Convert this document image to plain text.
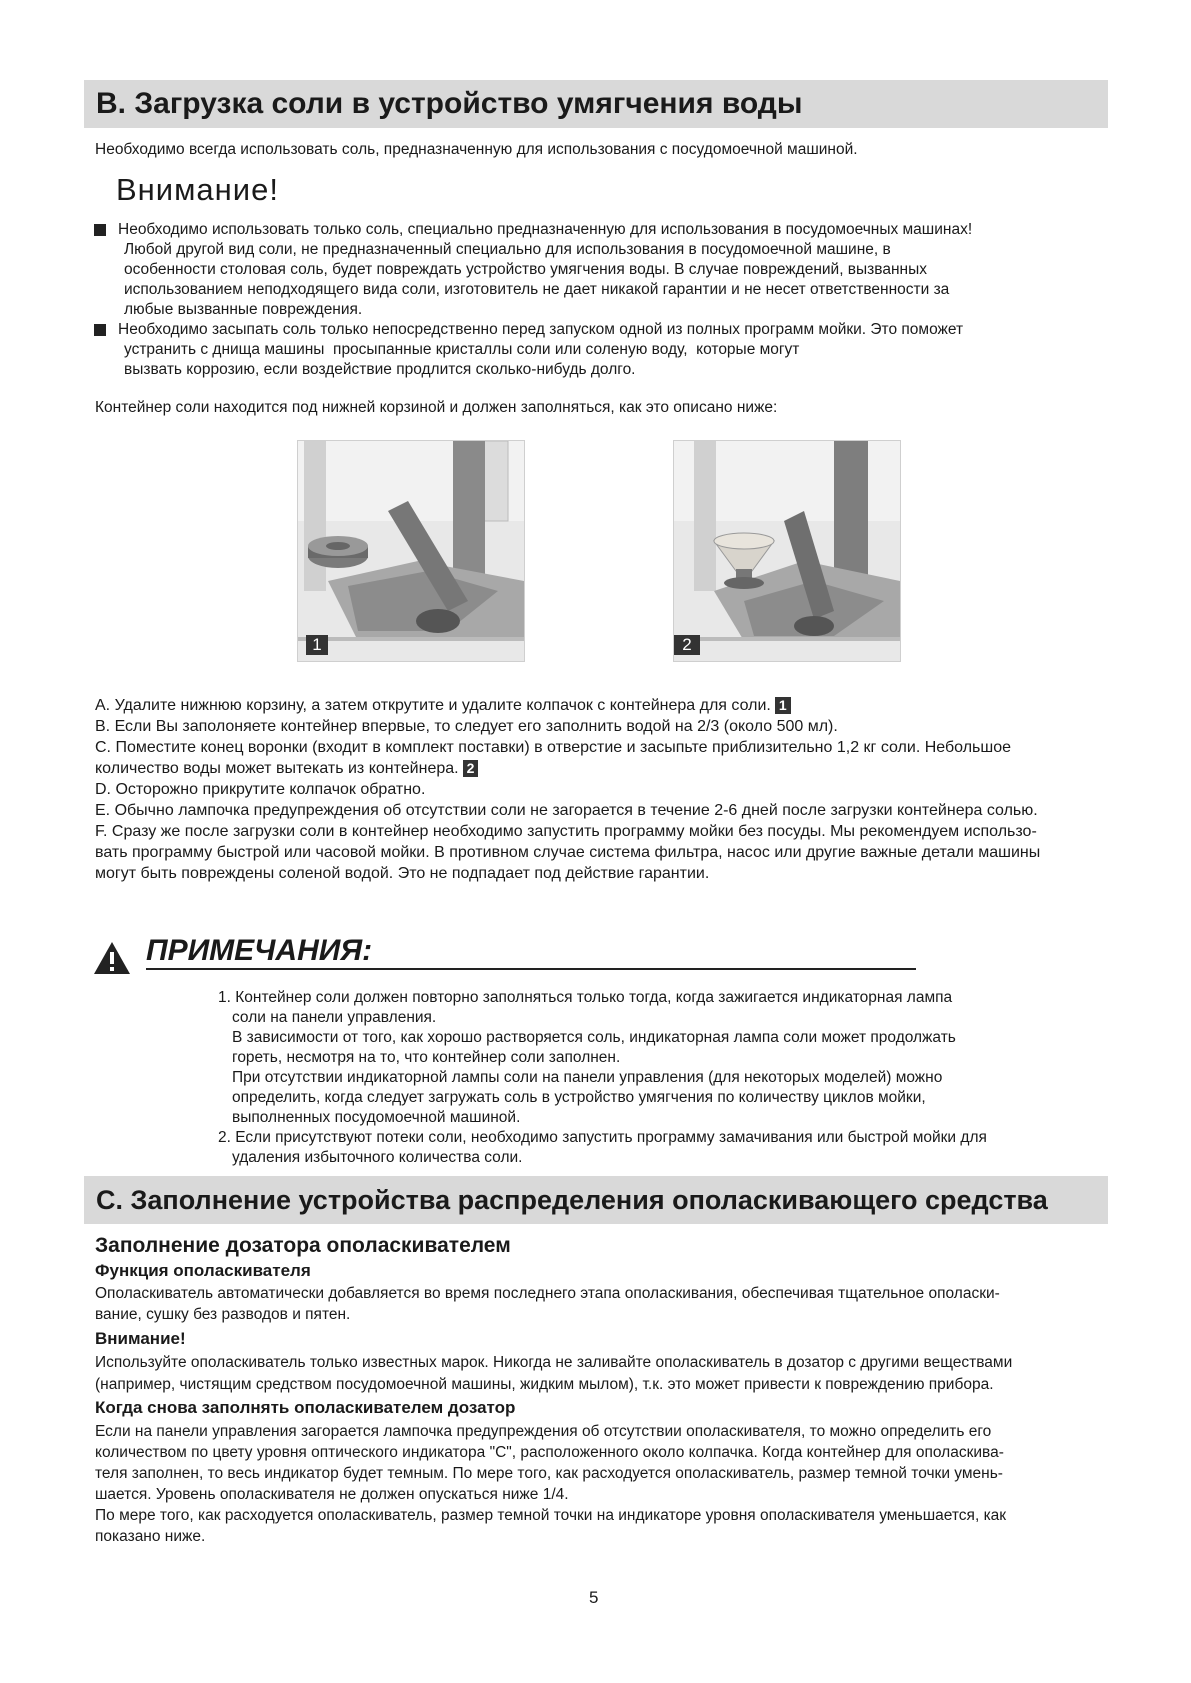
B. Загрузка соли в устройство умягчения воды
Необходимо всегда использовать соль, предназначенную для использования с посудомоечной машиной.
Внимание!
Необходимо использовать только соль, специально предназначенную для использования в посудомоечных машинах!
Любой другой вид соли, не предназначенный специально для использования в посудомоечной машине, в
особенности столовая соль, будет повреждать устройство умягчения воды. В случае повреждений, вызванных
использованием неподходящего вида соли, изготовитель не дает никакой гарантии и не несет ответственности за
любые вызванные повреждения.
Необходимо засыпать соль только непосредственно перед запуском одной из полных программ мойки. Это поможет
устранить с днища машины  просыпанные кристаллы соли или соленую воду,  которые могут
вызвать коррозию, если воздействие продлится сколько-нибудь долго.
Контейнер соли находится под нижней корзиной и должен заполняться, как это описано ниже:
1	2
A. Удалите нижнюю корзину, а затем открутите и удалите колпачок с контейнера для соли. 1
B. Если Вы заполоняете контейнер впервые, то следует его заполнить водой на 2/3 (около 500 мл).
C. Поместите конец воронки (входит в комплект поставки) в отверстие и засыпьте приблизительно 1,2 кг соли. Небольшое
количество воды может вытекать из контейнера. 2
D. Осторожно прикрутите колпачок обратно.
E. Обычно лампочка предупреждения об отсутствии соли не загорается в течение 2-6 дней после загрузки контейнера солью.
F. Сразу же после загрузки соли в контейнер необходимо запустить программу мойки без посуды. Мы рекомендуем использо-
вать программу быстрой или часовой мойки. В противном случае система фильтра, насос или другие важные детали машины
могут быть повреждены соленой водой. Это не подпадает под действие гарантии.
ПРИМЕЧАНИЯ:
1. Контейнер соли должен повторно заполняться только тогда, когда зажигается индикаторная лампа
соли на панели управления.
В зависимости от того, как хорошо растворяется соль, индикаторная лампа соли может продолжать
гореть, несмотря на то, что контейнер соли заполнен.
При отсутствии индикаторной лампы соли на панели управления (для некоторых моделей) можно
определить, когда следует загружать соль в устройство умягчения по количеству циклов мойки,
выполненных посудомоечной машиной.
2. Если присутствуют потеки соли, необходимо запустить программу замачивания или быстрой мойки для
удаления избыточного количества соли.
C. Заполнение устройства распределения ополаскивающего средства
Заполнение дозатора ополаскивателем
Функция ополаскивателя
Ополаскиватель автоматически добавляется во время последнего этапа ополаскивания, обеспечивая тщательное ополаски-
вание, сушку без разводов и пятен.
Внимание!
Используйте ополаскиватель только известных марок. Никогда не заливайте ополаскиватель в дозатор с другими веществами
(например, чистящим средством посудомоечной машины, жидким мылом), т.к. это может привести к повреждению прибора.
Когда снова заполнять ополаскивателем дозатор
Если на панели управления загорается лампочка предупреждения об отсутствии ополаскивателя, то можно определить его
количеством по цвету уровня оптического индикатора "С", расположенного около колпачка. Когда контейнер для ополаскива-
теля заполнен, то весь индикатор будет темным. По мере того, как расходуется ополаскиватель, размер темной точки умень-
шается. Уровень ополаскивателя не должен опускаться ниже 1/4.
По мере того, как расходуется ополаскиватель, размер темной точки на индикаторе уровня ополаскивателя уменьшается, как
показано ниже.
5
